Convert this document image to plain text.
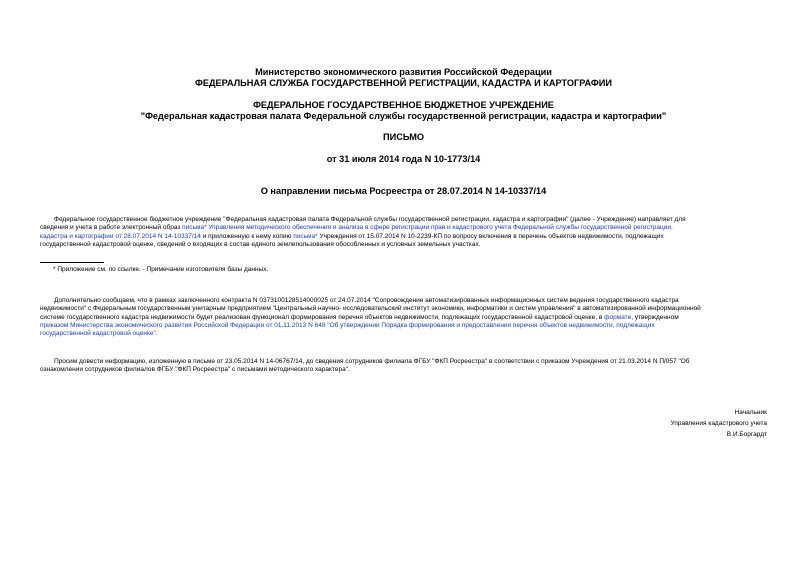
Министерство экономического развития Российской Федерации
ФЕДЕРАЛЬНАЯ СЛУЖБА ГОСУДАРСТВЕННОЙ РЕГИСТРАЦИИ, КАДАСТРА И КАРТОГРАФИИ
ФЕДЕРАЛЬНОЕ ГОСУДАРСТВЕННОЕ БЮДЖЕТНОЕ УЧРЕЖДЕНИЕ
"Федеральная кадастровая палата Федеральной службы государственной регистрации, кадастра и картографии"
ПИСЬМО
от 31 июля 2014 года N 10-1773/14
О направлении письма Росреестра от 28.07.2014 N 14-10337/14
Федеральное государственное бюджетное учреждение "Федеральная кадастровая палата Федеральной службы государственной регистрации, кадастра и картографии" (далее - Учреждение) направляет для
сведения и учета в работе электронный образ письма* Управления методического обеспечения и анализа в сфере регистрации прав и кадастрового учета Федеральной службы государственной регистрации,
кадастра и картографии от 28.07.2014 N 14-10337/14 и приложенную к нему копию письма* Учреждения от 15.07.2014 N 10-2239-КП по вопросу включения в перечень объектов недвижимости, подлежащих
государственной кадастровой оценке, сведений о входящих в состав единого землепользования обособленных и условных земельных участках.
* Приложение см. по ссылке. - Примечание изготовителя базы данных.
Дополнительно сообщаем, что в рамках заключенного контракта N 0373100128514000025 от 24.07.2014 "Сопровождение автоматизированных информационных систем ведения государственного кадастра
недвижимости" с Федеральным государственным унитарным предприятием "Центральный научно- исследовательский институт экономики, информатики и систем управления" в автоматизированной информационной
системе государственного кадастра недвижимости будет реализован функционал формирования перечня объектов недвижимости, подлежащих государственной кадастровой оценке, в формате, утвержденном
приказом Министерства экономического развития Российской Федерации от 01.11.2013 N 648 "Об утверждении Порядка формирования и предоставления перечня объектов недвижимости, подлежащих
государственной кадастровой оценке".
Просим довести информацию, изложенную в письме от 23.05.2014 N 14-06767/14, до сведения сотрудников филиала ФГБУ "ФКП Росреестра" в соответствии с приказом Учреждения от 21.03.2014 N П/057 "Об
ознакомлении сотрудников филиалов ФГБУ "ФКП Росреестра" с письмами методического характера".
Начальник
Управления кадастрового учета
В.И.Боргардт
